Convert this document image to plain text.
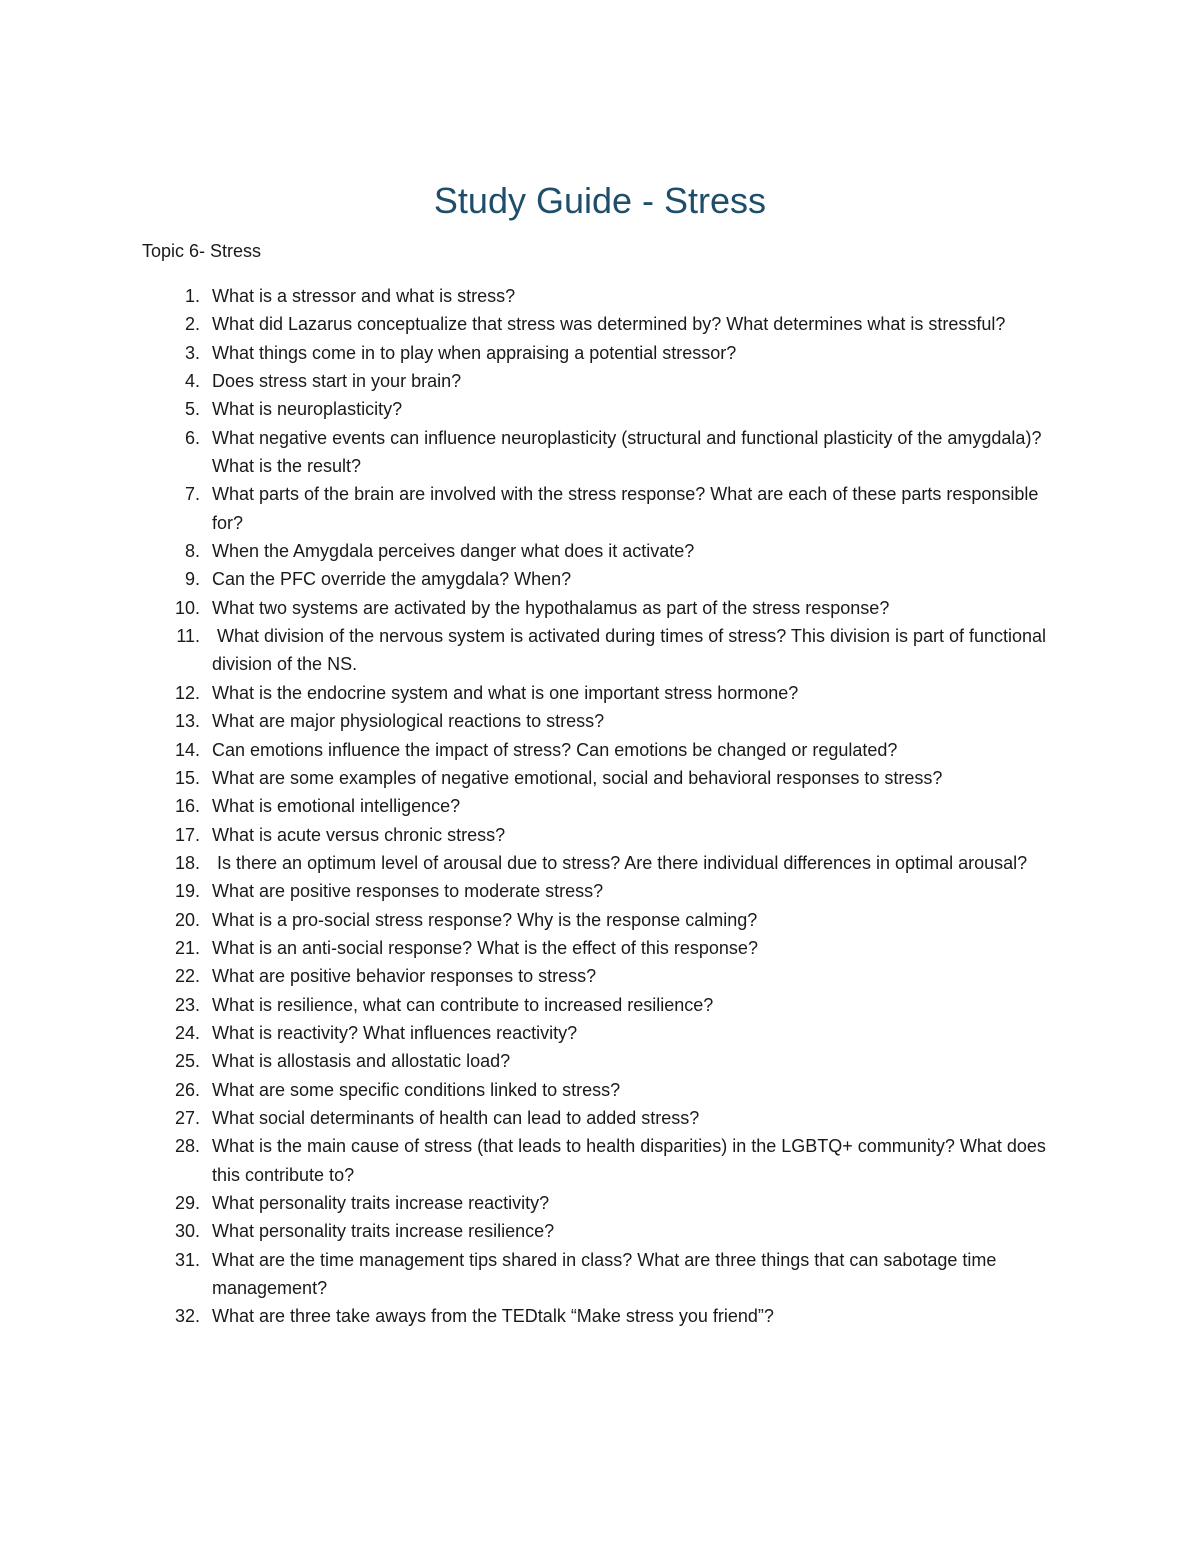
Study Guide - Stress
Topic 6- Stress
1. What is a stressor and what is stress?
2. What did Lazarus conceptualize that stress was determined by? What determines what is stressful?
3. What things come in to play when appraising a potential stressor?
4. Does stress start in your brain?
5. What is neuroplasticity?
6. What negative events can influence neuroplasticity (structural and functional plasticity of the amygdala)? What is the result?
7. What parts of the brain are involved with the stress response? What are each of these parts responsible for?
8. When the Amygdala perceives danger what does it activate?
9. Can the PFC override the amygdala? When?
10. What two systems are activated by the hypothalamus as part of the stress response?
11. What division of the nervous system is activated during times of stress? This division is part of functional division of the NS.
12. What is the endocrine system and what is one important stress hormone?
13. What are major physiological reactions to stress?
14. Can emotions influence the impact of stress? Can emotions be changed or regulated?
15. What are some examples of negative emotional, social and behavioral responses to stress?
16. What is emotional intelligence?
17. What is acute versus chronic stress?
18. Is there an optimum level of arousal due to stress? Are there individual differences in optimal arousal?
19. What are positive responses to moderate stress?
20. What is a pro-social stress response? Why is the response calming?
21. What is an anti-social response? What is the effect of this response?
22. What are positive behavior responses to stress?
23. What is resilience, what can contribute to increased resilience?
24. What is reactivity? What influences reactivity?
25. What is allostasis and allostatic load?
26. What are some specific conditions linked to stress?
27. What social determinants of health can lead to added stress?
28. What is the main cause of stress (that leads to health disparities) in the LGBTQ+ community? What does this contribute to?
29. What personality traits increase reactivity?
30. What personality traits increase resilience?
31. What are the time management tips shared in class? What are three things that can sabotage time management?
32. What are three take aways from the TEDtalk “Make stress you friend”?
